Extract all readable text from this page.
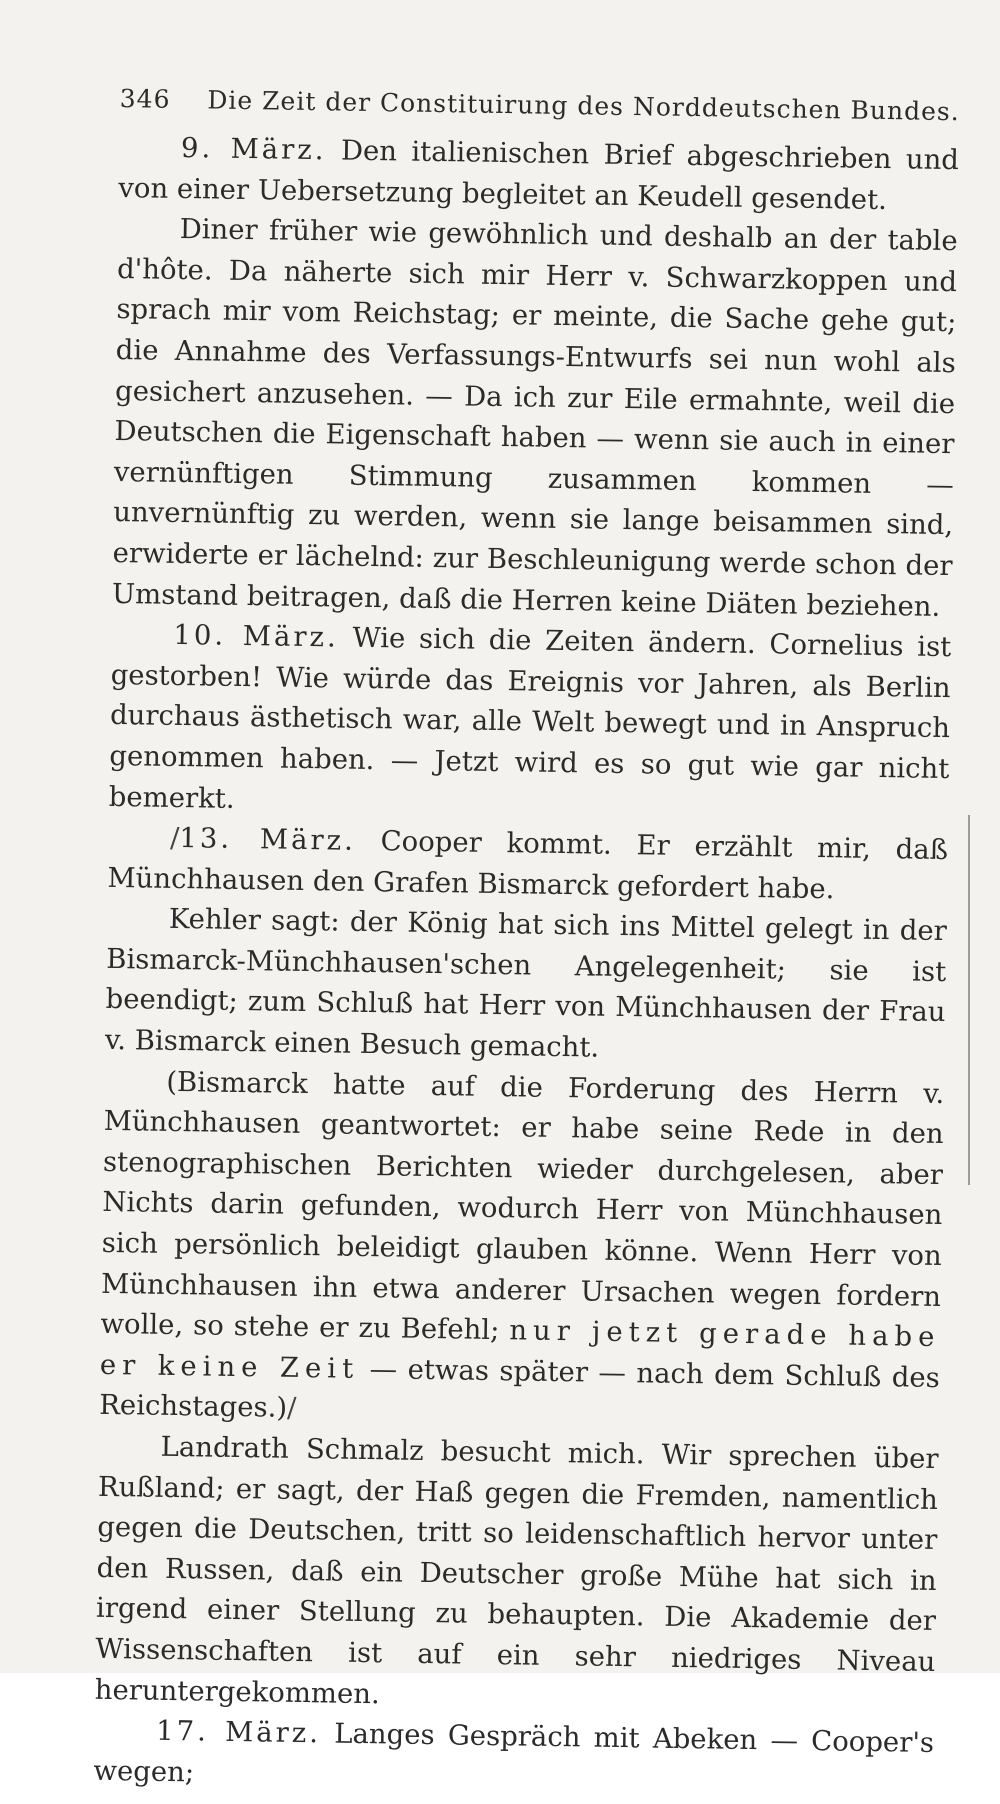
346	Die Zeit der Constituirung des Norddeutschen Bundes.

9. März. Den italienischen Brief abgeschrieben und von einer Uebersetzung begleitet an Keudell gesendet.

Diner früher wie gewöhnlich und deshalb an der table d'hôte. Da näherte sich mir Herr v. Schwarzkoppen und sprach mir vom Reichstag; er meinte, die Sache gehe gut; die Annahme des Verfassungs-Entwurfs sei nun wohl als gesichert anzusehen. — Da ich zur Eile ermahnte, weil die Deutschen die Eigenschaft haben — wenn sie auch in einer vernünftigen Stimmung zusammen kommen — unvernünftig zu werden, wenn sie lange beisammen sind, erwiderte er lächelnd: zur Beschleunigung werde schon der Umstand beitragen, daß die Herren keine Diäten beziehen.

10. März. Wie sich die Zeiten ändern. Cornelius ist gestorben! Wie würde das Ereignis vor Jahren, als Berlin durchaus ästhetisch war, alle Welt bewegt und in Anspruch genommen haben. — Jetzt wird es so gut wie gar nicht bemerkt.

/13. März. Cooper kommt. Er erzählt mir, daß Münchhausen den Grafen Bismarck gefordert habe.

Kehler sagt: der König hat sich ins Mittel gelegt in der Bismarck-Münchhausen'schen Angelegenheit; sie ist beendigt; zum Schluß hat Herr von Münchhausen der Frau v. Bismarck einen Besuch gemacht.

(Bismarck hatte auf die Forderung des Herrn v. Münchhausen geantwortet: er habe seine Rede in den stenographischen Berichten wieder durchgelesen, aber Nichts darin gefunden, wodurch Herr von Münchhausen sich persönlich beleidigt glauben könne. Wenn Herr von Münchhausen ihn etwa anderer Ursachen wegen fordern wolle, so stehe er zu Befehl; nur jetzt gerade habe er keine Zeit — etwas später — nach dem Schluß des Reichstages.)/

Landrath Schmalz besucht mich. Wir sprechen über Rußland; er sagt, der Haß gegen die Fremden, namentlich gegen die Deutschen, tritt so leidenschaftlich hervor unter den Russen, daß ein Deutscher große Mühe hat sich in irgend einer Stellung zu behaupten. Die Akademie der Wissenschaften ist auf ein sehr niedriges Niveau heruntergekommen.

17. März. Langes Gespräch mit Abeken — Cooper's wegen;
